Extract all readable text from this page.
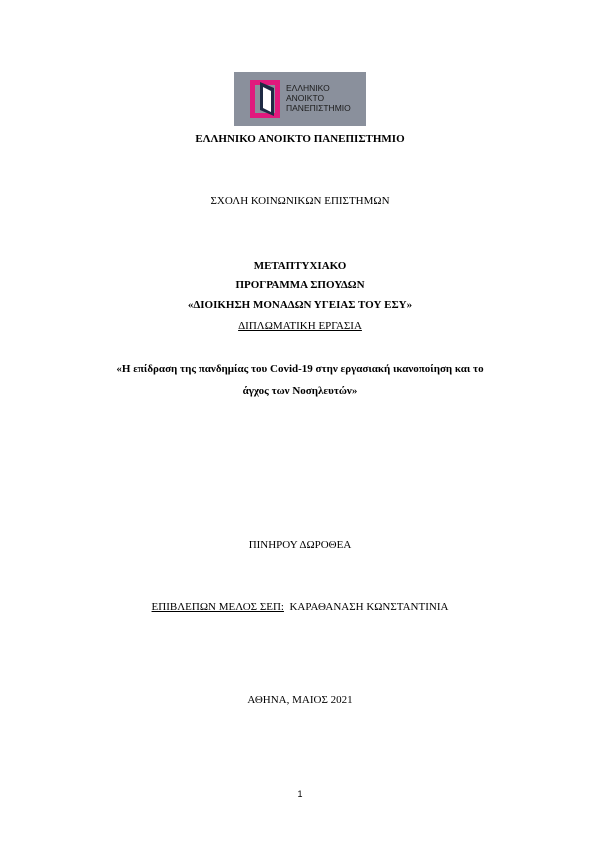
ΕΛΛΗΝΙΚΟ
ΑΝΟΙΚΤΟ
ΠΑΝΕΠΙΣΤΗΜΙΟ
ΕΛΛΗΝΙΚΟ ΑΝΟΙΚΤΟ ΠΑΝΕΠΙΣΤΗΜΙΟ
ΣΧΟΛΗ ΚΟΙΝΩΝΙΚΩΝ ΕΠΙΣΤΗΜΩΝ
ΜΕΤΑΠΤΥΧΙΑΚΟ
ΠΡΟΓΡΑΜΜΑ ΣΠΟΥΔΩΝ
«ΔΙΟΙΚΗΣΗ ΜΟΝΑΔΩΝ ΥΓΕΙΑΣ ΤΟΥ ΕΣΥ»
ΔΙΠΛΩΜΑΤΙΚΗ ΕΡΓΑΣΙΑ
«Η επίδραση της πανδημίας του Covid-19 στην εργασιακή ικανοποίηση και το
άγχος των Νοσηλευτών»
ΠΙΝΗΡΟΥ ΔΩΡΟΘΕΑ
ΕΠΙΒΛΕΠΩΝ ΜΕΛΟΣ ΣΕΠ: ΚΑΡΑΘΑΝΑΣΗ ΚΩΝΣΤΑΝΤΙΝΙΑ
ΑΘΗΝΑ, ΜΑΙΟΣ 2021
1
